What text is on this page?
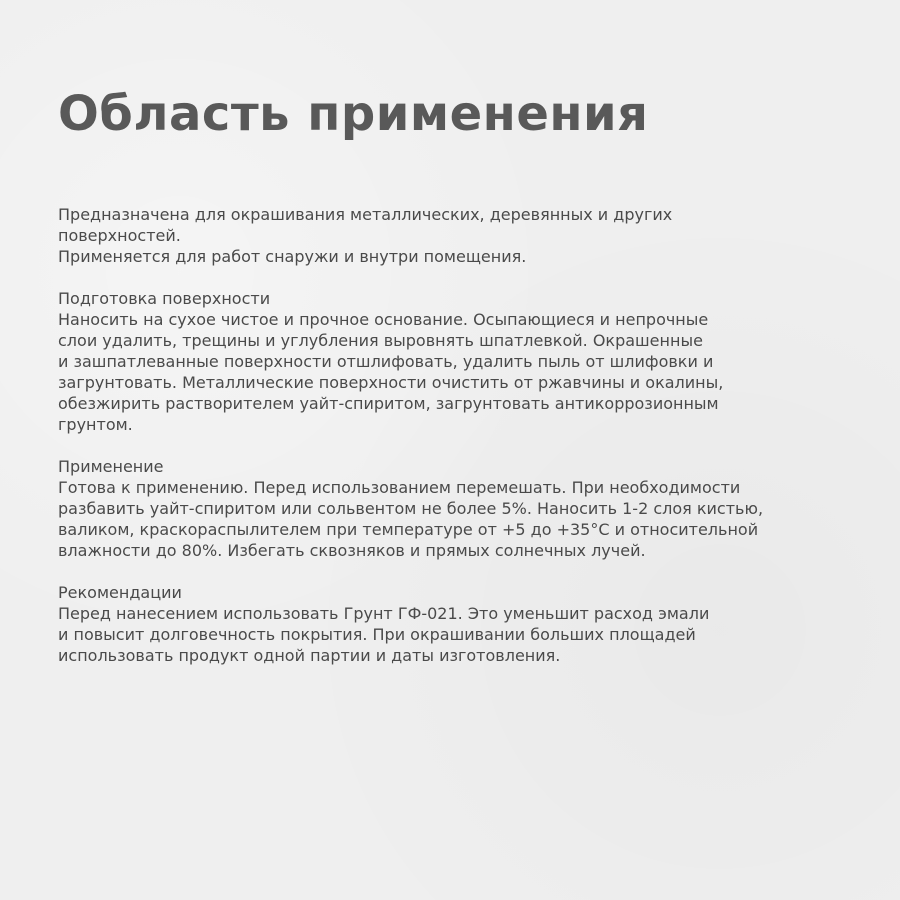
Область применения
Предназначена для окрашивания металлических, деревянных и других
поверхностей.
Применяется для работ снаружи и внутри помещения.
Подготовка поверхности
Наносить на сухое чистое и прочное основание. Осыпающиеся и непрочные
слои удалить, трещины и углубления выровнять шпатлевкой. Окрашенные
и зашпатлеванные поверхности отшлифовать, удалить пыль от шлифовки и
загрунтовать. Металлические поверхности очистить от ржавчины и окалины,
обезжирить растворителем уайт-спиритом, загрунтовать антикоррозионным
грунтом.
Применение
Готова к применению. Перед использованием перемешать. При необходимости
разбавить уайт-спиритом или сольвентом не более 5%. Наносить 1-2 слоя кистью,
валиком, краскораспылителем при температуре от +5 до +35°С и относительной
влажности до 80%. Избегать сквозняков и прямых солнечных лучей.
Рекомендации
Перед нанесением использовать Грунт ГФ-021. Это уменьшит расход эмали
и повысит долговечность покрытия. При окрашивании больших площадей
использовать продукт одной партии и даты изготовления.
